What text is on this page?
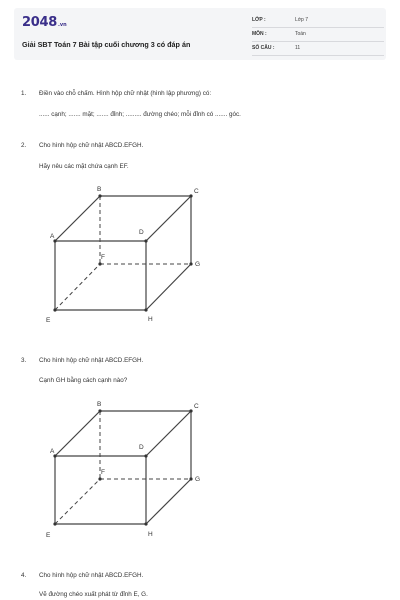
2048.vn
Giải SBT Toán 7 Bài tập cuối chương 3 có đáp án
LỚP :	Lớp 7
MÔN :	Toán
SỐ CÂU :	11
1. Điền vào chỗ chấm. Hình hộp chữ nhật (hình lập phương) có:
...... cạnh; ....... mặt; ....... đỉnh; ......... đường chéo; mỗi đỉnh có ....... góc.
2. Cho hình hộp chữ nhật ABCD.EFGH.
Hãy nêu các mặt chứa cạnh EF.
3. Cho hình hộp chữ nhật ABCD.EFGH.
Cạnh GH bằng cách cạnh nào?
4. Cho hình hộp chữ nhật ABCD.EFGH.
Vẽ đường chéo xuất phát từ đỉnh E, G.
A
B	C
D
E
F
G
H
A
B	C
D
E
F
G
H
